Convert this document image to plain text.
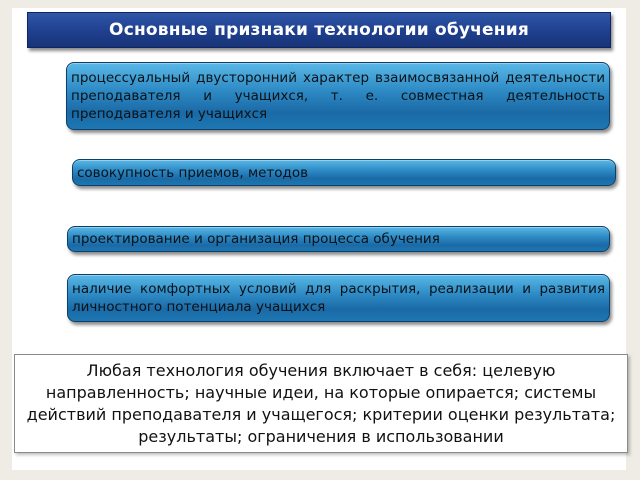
Основные признаки технологии обучения
процессуальный двусторонний характер взаимосвязанной деятельности преподавателя и учащихся, т. е. совместная деятельность преподавателя и учащихся
совокупность приемов, методов
проектирование и организация процесса обучения
наличие комфортных условий для раскрытия, реализации и развития личностного потенциала учащихся
Любая технология обучения включает в себя: целевую направленность; научные идеи, на которые опирается; системы действий преподавателя и учащегося; критерии оценки результата; результаты; ограничения в использовании
